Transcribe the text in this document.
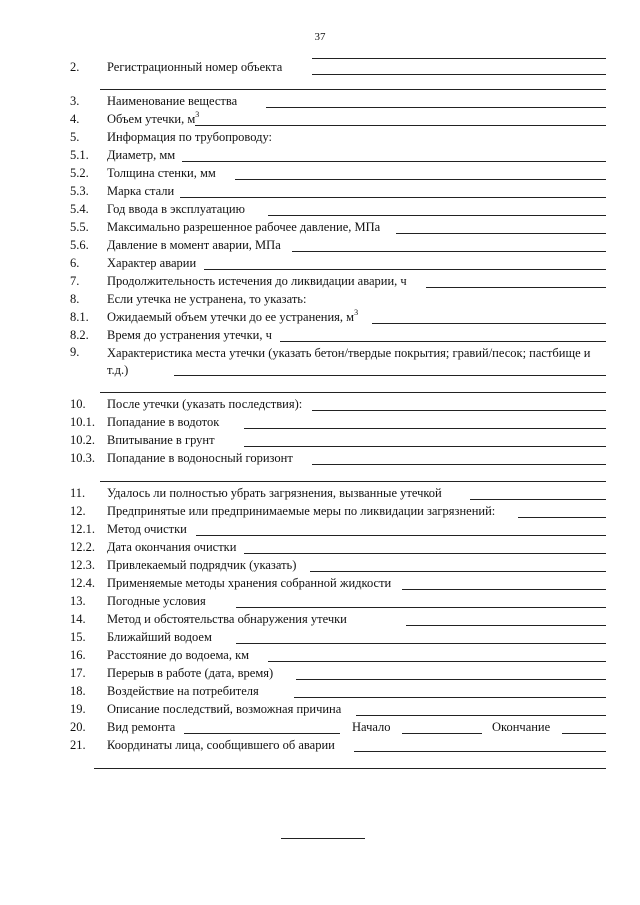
37
2. Регистрационный номер объекта
3. Наименование вещества
4. Объем утечки, $м^3$
5. Информация по трубопроводу:
5.1. Диаметр, мм
5.2. Толщина стенки, мм
5.3. Марка стали
5.4. Год ввода в эксплуатацию
5.5. Максимально разрешенное рабочее давление, МПа
5.6. Давление в момент аварии, МПа
6. Характер аварии
7. Продолжительность истечения до ликвидации аварии, ч
8. Если утечка не устранена, то указать:
8.1. Ожидаемый объем утечки до ее устранения, $м^3$
8.2. Время до устранения утечки, ч
9. Характеристика места утечки (указать бетон/твердые покрытия; гравий/песок; пастбище и т.д.)
10. После утечки (указать последствия):
10.1. Попадание в водоток
10.2. Впитывание в грунт
10.3. Попадание в водоносный горизонт
11. Удалось ли полностью убрать загрязнения, вызванные утечкой
12. Предпринятые или предпринимаемые меры по ликвидации загрязнений:
12.1. Метод очистки
12.2. Дата окончания очистки
12.3. Привлекаемый подрядчик (указать)
12.4. Применяемые методы хранения собранной жидкости
13. Погодные условия
14. Метод и обстоятельства обнаружения утечки
15. Ближайший водоем
16. Расстояние до водоема, км
17. Перерыв в работе (дата, время)
18. Воздействие на потребителя
19. Описание последствий, возможная причина
20. Вид ремонта	Начало	Окончание
21. Координаты лица, сообщившего об аварии
